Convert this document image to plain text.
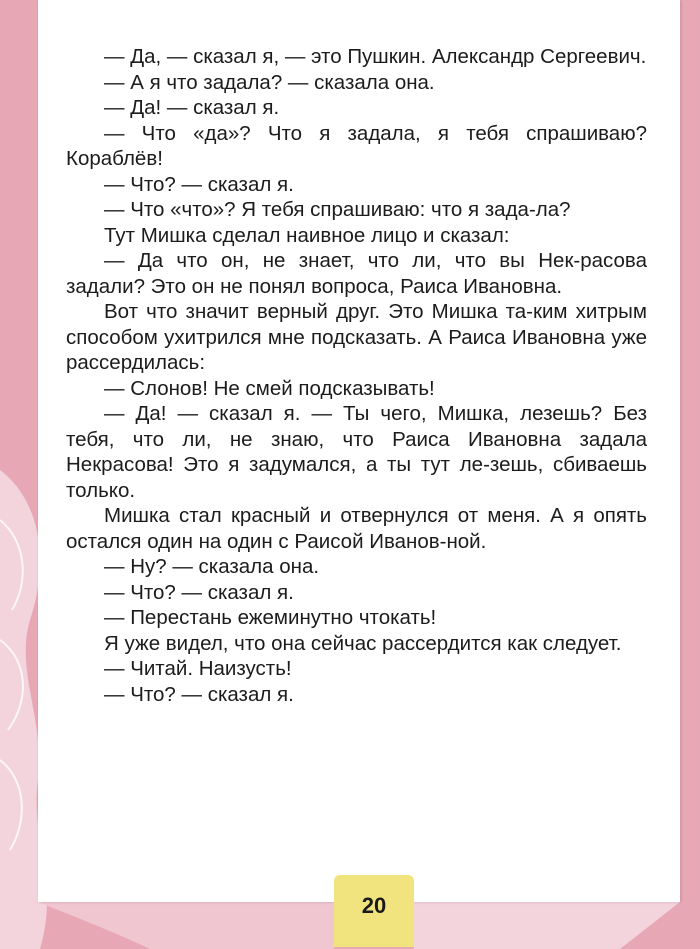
— Да, — сказал я, — это Пушкин. Александр Сергеевич.

— А я что задала? — сказала она.

— Да! — сказал я.

— Что «да»? Что я задала, я тебя спрашиваю? Кораблёв!

— Что? — сказал я.

— Что «что»? Я тебя спрашиваю: что я зада-ла?

Тут Мишка сделал наивное лицо и сказал:

— Да что он, не знает, что ли, что вы Нек-расова задали? Это он не понял вопроса, Раиса Ивановна.

Вот что значит верный друг. Это Мишка та-ким хитрым способом ухитрился мне подсказать. А Раиса Ивановна уже рассердилась:

— Слонов! Не смей подсказывать!

— Да! — сказал я. — Ты чего, Мишка, лезешь? Без тебя, что ли, не знаю, что Раиса Ивановна задала Некрасова! Это я задумался, а ты тут ле-зешь, сбиваешь только.

Мишка стал красный и отвернулся от меня. А я опять остался один на один с Раисой Иванов-ной.

— Ну? — сказала она.

— Что? — сказал я.

— Перестань ежеминутно чтокать!

Я уже видел, что она сейчас рассердится как следует.

— Читай. Наизусть!

— Что? — сказал я.

20
